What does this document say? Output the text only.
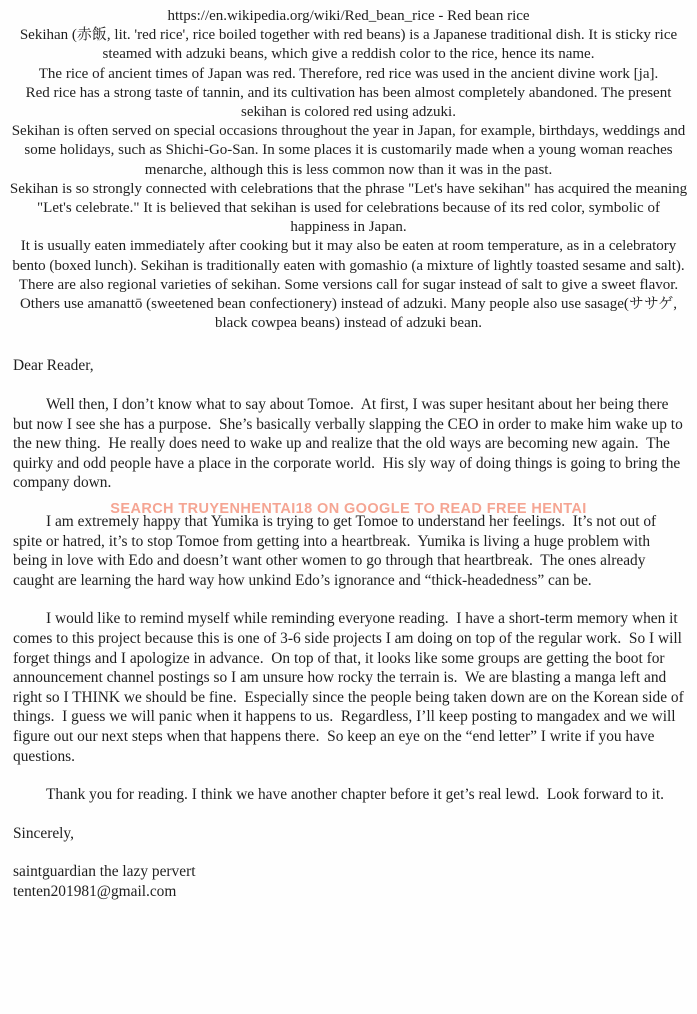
https://en.wikipedia.org/wiki/Red_bean_rice - Red bean rice

Sekihan (赤飯, lit. 'red rice', rice boiled together with red beans) is a Japanese traditional dish. It is sticky rice steamed with adzuki beans, which give a reddish color to the rice, hence its name.

The rice of ancient times of Japan was red. Therefore, red rice was used in the ancient divine work [ja].

Red rice has a strong taste of tannin, and its cultivation has been almost completely abandoned. The present sekihan is colored red using adzuki.

Sekihan is often served on special occasions throughout the year in Japan, for example, birthdays, weddings and some holidays, such as Shichi-Go-San. In some places it is customarily made when a young woman reaches menarche, although this is less common now than it was in the past.

Sekihan is so strongly connected with celebrations that the phrase "Let's have sekihan" has acquired the meaning "Let's celebrate." It is believed that sekihan is used for celebrations because of its red color, symbolic of happiness in Japan.

It is usually eaten immediately after cooking but it may also be eaten at room temperature, as in a celebratory bento (boxed lunch). Sekihan is traditionally eaten with gomashio (a mixture of lightly toasted sesame and salt).

There are also regional varieties of sekihan. Some versions call for sugar instead of salt to give a sweet flavor. Others use amanattō (sweetened bean confectionery) instead of adzuki. Many people also use sasage(ササゲ, black cowpea beans) instead of adzuki bean.

Dear Reader,

Well then, I don’t know what to say about Tomoe.  At first, I was super hesitant about her being there but now I see she has a purpose.  She’s basically verbally slapping the CEO in order to make him wake up to the new thing.  He really does need to wake up and realize that the old ways are becoming new again.  The quirky and odd people have a place in the corporate world.  His sly way of doing things is going to bring the company down.

I am extremely happy that Yumika is trying to get Tomoe to understand her feelings.  It’s not out of spite or hatred, it’s to stop Tomoe from getting into a heartbreak.  Yumika is living a huge problem with being in love with Edo and doesn’t want other women to go through that heartbreak.  The ones already caught are learning the hard way how unkind Edo’s ignorance and “thick-headedness” can be.

I would like to remind myself while reminding everyone reading.  I have a short-term memory when it comes to this project because this is one of 3-6 side projects I am doing on top of the regular work.  So I will forget things and I apologize in advance.  On top of that, it looks like some groups are getting the boot for announcement channel postings so I am unsure how rocky the terrain is.  We are blasting a manga left and right so I THINK we should be fine.  Especially since the people being taken down are on the Korean side of things.  I guess we will panic when it happens to us.  Regardless, I’ll keep posting to mangadex and we will figure out our next steps when that happens there.  So keep an eye on the “end letter” I write if you have questions.

Thank you for reading. I think we have another chapter before it get’s real lewd.  Look forward to it.

Sincerely,

saintguardian the lazy pervert

tenten201981@gmail.com

SEARCH TRUYENHENTAI18 ON GOOGLE TO READ FREE HENTAI
